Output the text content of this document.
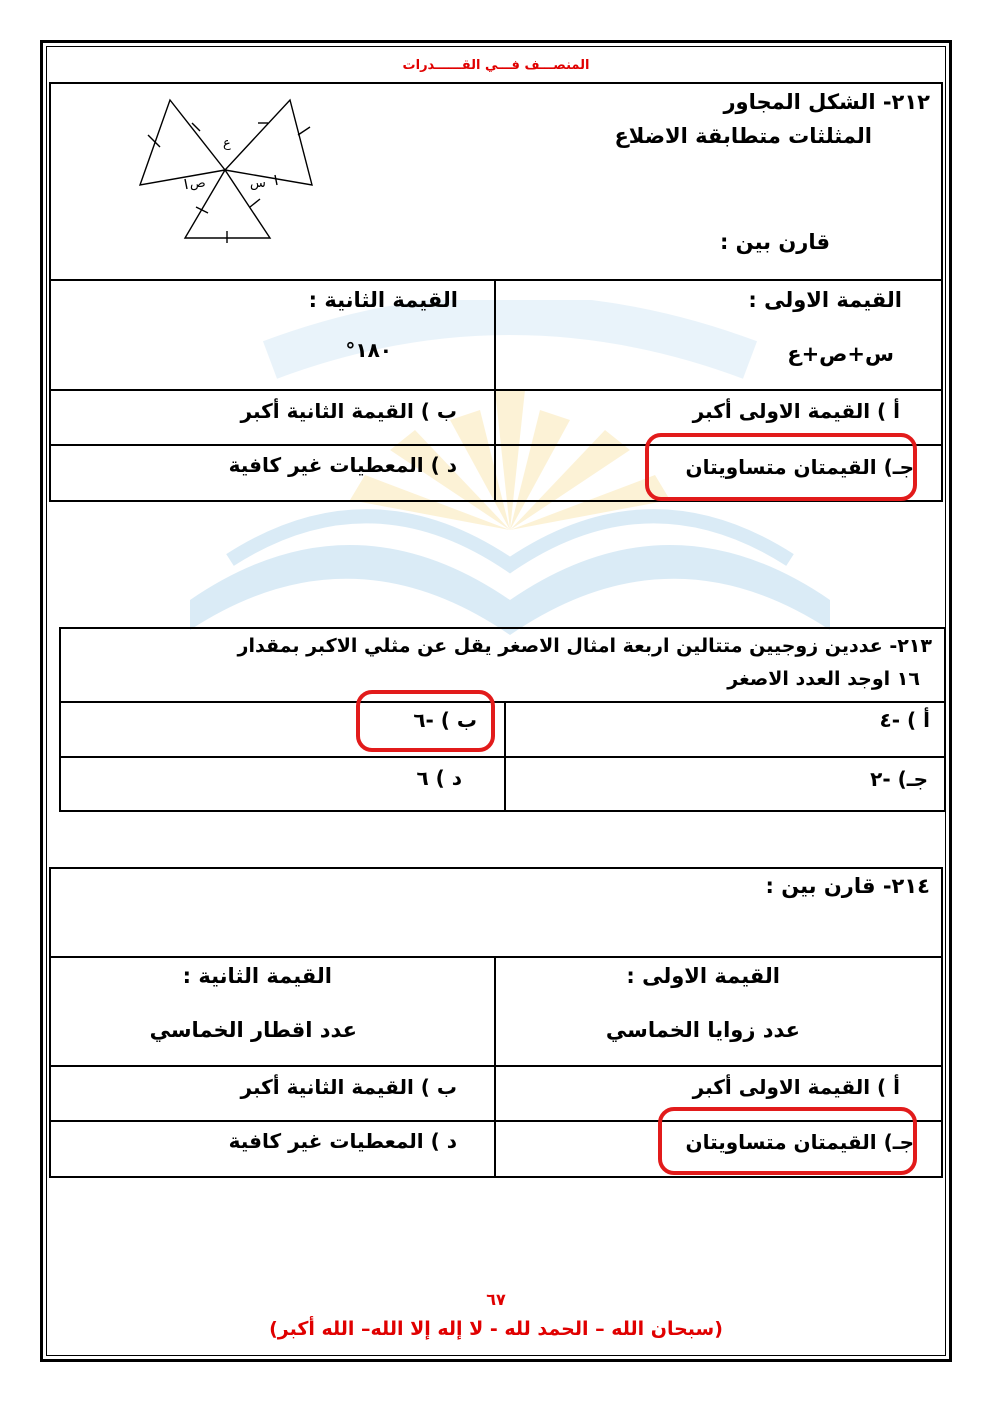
المنصـــف فـــي القــــــدرات
٢١٢- الشكل المجاور
المثلثات متطابقة الاضلاع
ع
ص	س
قارن بين :
القيمة الاولى :
س+ص+ع
القيمة الثانية :
١٨٠°
أ ) القيمة الاولى أكبر
ب ) القيمة الثانية أكبر
جـ) القيمتان متساويتان
د ) المعطيات غير كافية
٢١٣- عددين زوجيين متتالين اربعة امثال الاصغر يقل عن مثلي الاكبر بمقدار
١٦ اوجد العدد الاصغر
أ ) -٤
ب ) -٦
جـ) -٢
د ) ٦
٢١٤- قارن بين :
القيمة الاولى :
عدد زوايا الخماسي
القيمة الثانية :
عدد اقطار الخماسي
أ ) القيمة الاولى أكبر
ب ) القيمة الثانية أكبر
جـ) القيمتان متساويتان
د ) المعطيات غير كافية
٦٧
(سبحان الله – الحمد لله - لا إله إلا الله– الله أكبر)
